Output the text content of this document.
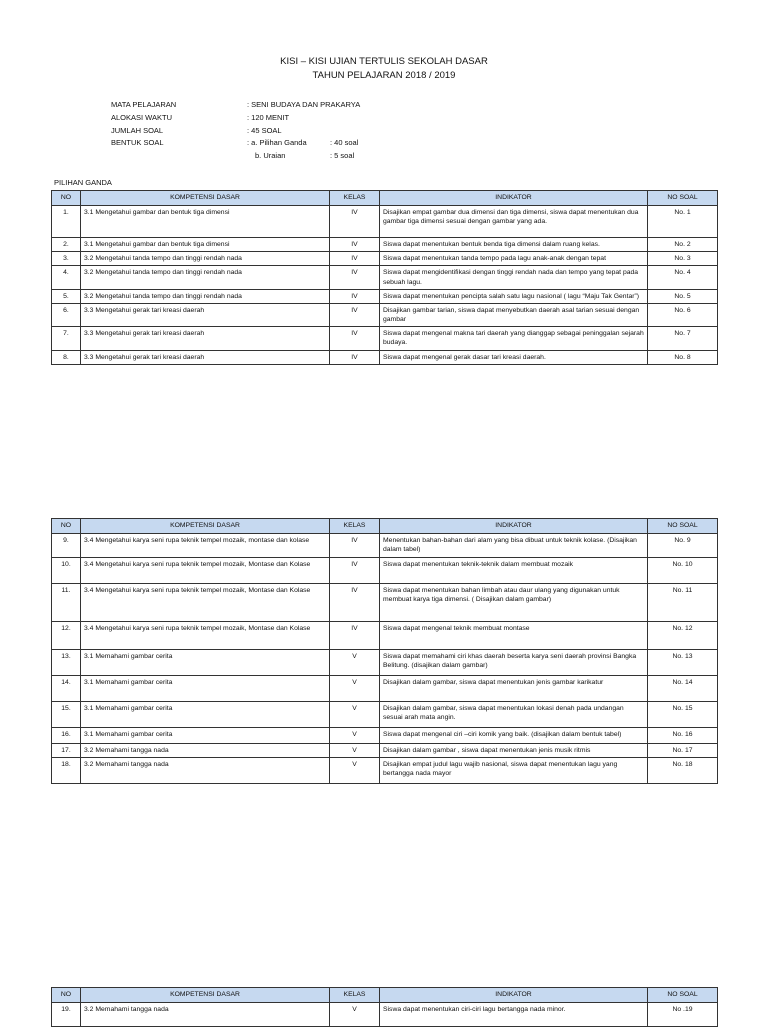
KISI – KISI UJIAN TERTULIS SEKOLAH DASAR
TAHUN PELAJARAN 2018 / 2019
MATA PELAJARAN	: SENI BUDAYA DAN PRAKARYA
ALOKASI WAKTU	: 120 MENIT
JUMLAH SOAL	: 45 SOAL
BENTUK SOAL	: a. Pilihan Ganda	: 40 soal
b. Uraian	: 5 soal
PILIHAN GANDA
NO	KOMPETENSI DASAR	KELAS	INDIKATOR	NO SOAL
1.	3.1 Mengetahui gambar dan bentuk tiga dimensi	IV	Disajikan empat gambar dua dimensi dan tiga dimensi, siswa dapat menentukan dua gambar tiga dimensi sesuai dengan gambar yang ada.	No. 1
2.	3.1 Mengetahui gambar dan bentuk tiga dimensi	IV	Siswa dapat menentukan bentuk benda tiga dimensi dalam ruang kelas.	No. 2
3.	3.2 Mengetahui tanda tempo dan tinggi rendah nada	IV	Siswa dapat menentukan tanda tempo pada lagu anak-anak dengan tepat	No. 3
4.	3.2 Mengetahui tanda tempo dan tinggi rendah nada	IV	Siswa dapat mengidentifikasi dengan tinggi rendah nada dan tempo yang tepat pada sebuah lagu.	No. 4
5.	3.2 Mengetahui tanda tempo dan tinggi rendah nada	IV	Siswa dapat menentukan pencipta salah satu lagu nasional ( lagu “Maju Tak Gentar”)	No. 5
6.	3.3 Mengetahui gerak tari kreasi daerah	IV	Disajikan gambar tarian, siswa dapat menyebutkan daerah asal tarian sesuai dengan gambar	No. 6
7.	3.3 Mengetahui gerak tari kreasi daerah	IV	Siswa dapat mengenal makna tari daerah yang dianggap sebagai peninggalan sejarah budaya.	No. 7
8.	3.3 Mengetahui gerak tari kreasi daerah	IV	Siswa dapat mengenal gerak dasar tari kreasi daerah.	No. 8
NO	KOMPETENSI DASAR	KELAS	INDIKATOR	NO SOAL
9.	3.4 Mengetahui karya seni rupa teknik tempel mozaik, montase dan kolase	IV	Menentukan bahan-bahan dari alam yang bisa dibuat untuk teknik kolase. (Disajikan dalam tabel)	No. 9
10.	3.4 Mengetahui karya seni rupa teknik tempel mozaik, Montase dan Kolase	IV	Siswa dapat menentukan teknik-teknik dalam membuat mozaik	No. 10
11.	3.4 Mengetahui karya seni rupa teknik tempel mozaik, Montase dan Kolase	IV	Siswa dapat menentukan bahan limbah atau daur ulang yang digunakan untuk membuat karya tiga dimensi. ( Disajikan dalam gambar)	No. 11
12.	3.4 Mengetahui karya seni rupa teknik tempel mozaik, Montase dan Kolase	IV	Siswa dapat mengenal teknik membuat montase	No. 12
13.	3.1 Memahami gambar cerita	V	Siswa dapat memahami ciri khas daerah beserta karya seni daerah provinsi Bangka Belitung. (disajikan dalam gambar)	No. 13
14.	3.1 Memahami gambar cerita	V	Disajikan dalam gambar, siswa dapat menentukan jenis gambar karikatur	No. 14
15.	3.1 Memahami gambar cerita	V	Disajikan dalam gambar, siswa dapat menentukan lokasi denah pada undangan sesuai arah mata angin.	No. 15
16.	3.1 Memahami gambar cerita	V	Siswa dapat mengenal ciri –ciri komik yang baik. (disajikan dalam bentuk tabel)	No. 16
17.	3.2 Memahami tangga nada	V	Disajikan dalam gambar , siswa dapat menentukan jenis musik ritmis	No. 17
18.	3.2 Memahami tangga nada	V	Disajikan empat judul lagu wajib nasional, siswa dapat menentukan lagu yang bertangga nada mayor	No. 18
NO	KOMPETENSI DASAR	KELAS	INDIKATOR	NO SOAL
19.	3.2 Memahami tangga nada	V	Siswa dapat menentukan ciri-ciri lagu bertangga nada minor.	No .19
